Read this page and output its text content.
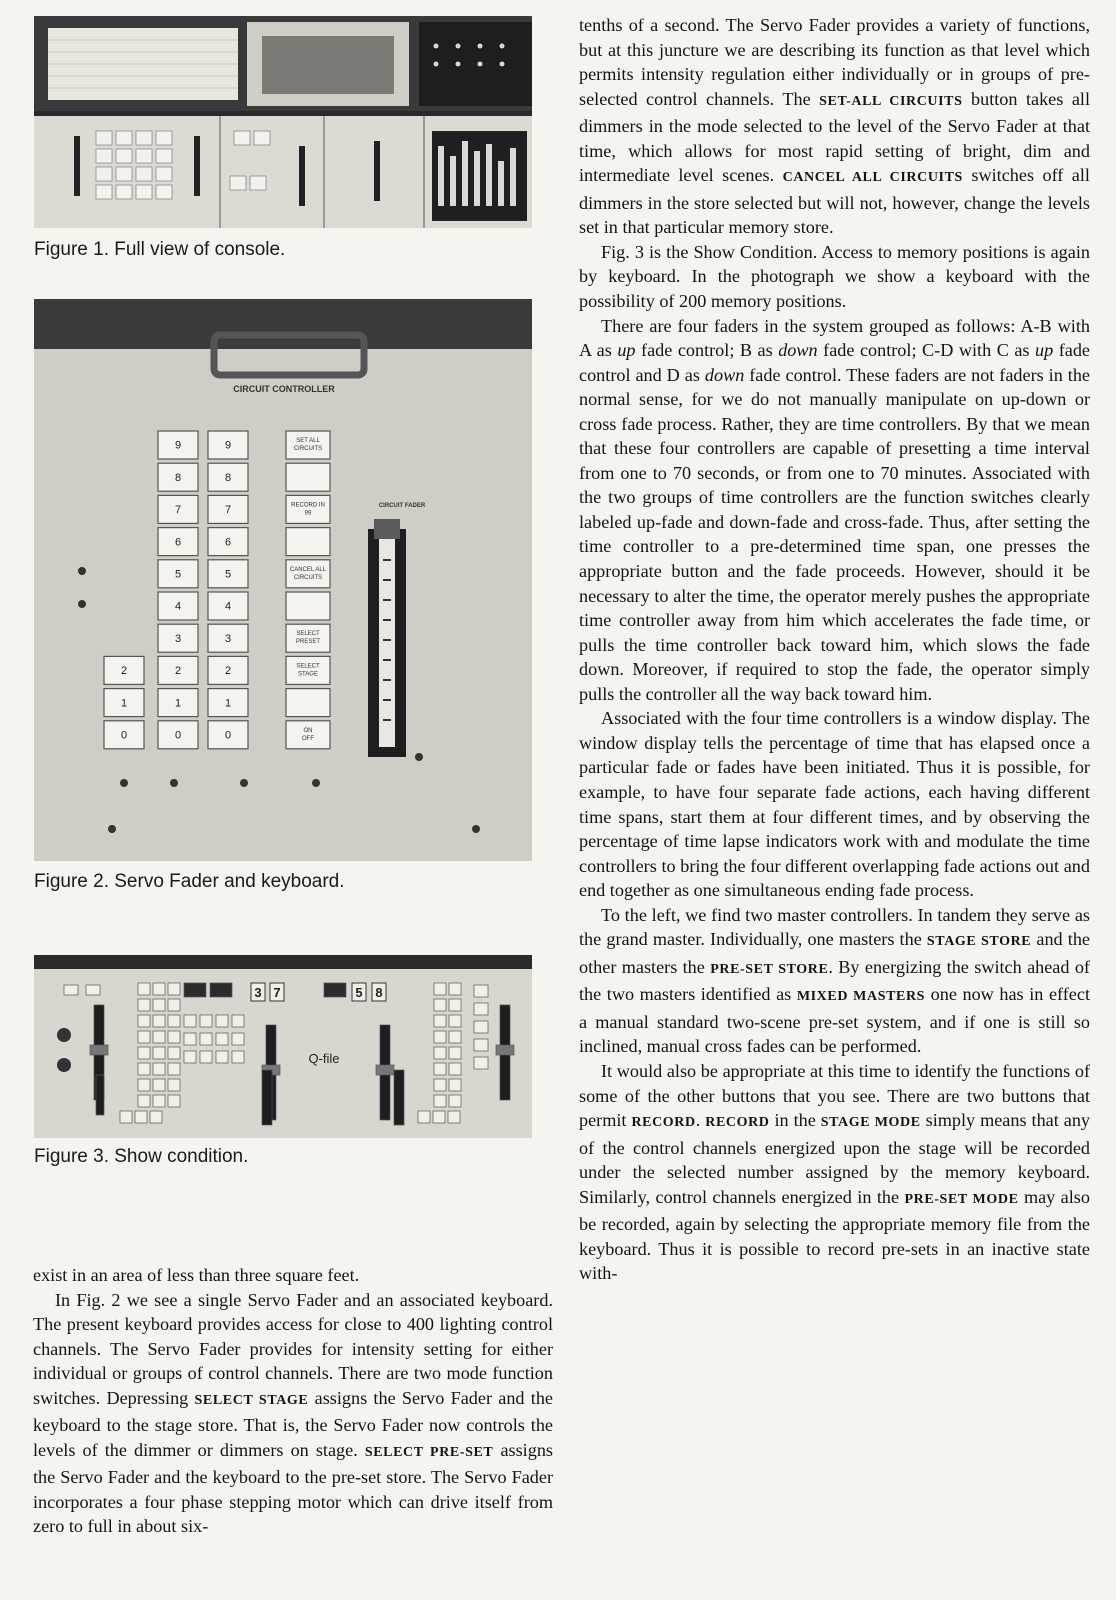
Figure 1. Full view of console.

CIRCUIT CONTROLLER
9
8
7
6
5
4
3
2
1
0
9
8
7
6
5
4
3
2
1
0
2
1
0
SET ALL
CIRCUITS
RECORD IN
99
CANCEL ALL
CIRCUITS
SELECT
PRESET
SELECT
STAGE
ON
OFF
CIRCUIT FADER

Figure 2. Servo Fader and keyboard.

Q-file
3 7	5 8

Figure 3. Show condition.

exist in an area of less than three square feet.

In Fig. 2 we see a single Servo Fader and an associated keyboard. The present keyboard provides access for close to 400 lighting control channels. The Servo Fader provides for intensity setting for either individual or groups of control channels. There are two mode function switches. Depressing SELECT STAGE assigns the Servo Fader and the keyboard to the stage store. That is, the Servo Fader now controls the levels of the dimmer or dimmers on stage. SELECT PRE-SET assigns the Servo Fader and the keyboard to the pre-set store. The Servo Fader incorporates a four phase stepping motor which can drive itself from zero to full in about six-

tenths of a second. The Servo Fader provides a variety of functions, but at this juncture we are describing its function as that level which permits intensity regulation either individually or in groups of pre-selected control channels. The SET-ALL CIRCUITS button takes all dimmers in the mode selected to the level of the Servo Fader at that time, which allows for most rapid setting of bright, dim and intermediate level scenes. CANCEL ALL CIRCUITS switches off all dimmers in the store selected but will not, however, change the levels set in that particular memory store.

Fig. 3 is the Show Condition. Access to memory positions is again by keyboard. In the photograph we show a keyboard with the possibility of 200 memory positions.

There are four faders in the system grouped as follows: A-B with A as up fade control; B as down fade control; C-D with C as up fade control and D as down fade control. These faders are not faders in the normal sense, for we do not manually manipulate on up-down or cross fade process. Rather, they are time controllers. By that we mean that these four controllers are capable of presetting a time interval from one to 70 seconds, or from one to 70 minutes. Associated with the two groups of time controllers are the function switches clearly labeled up-fade and down-fade and cross-fade. Thus, after setting the time controller to a pre-determined time span, one presses the appropriate button and the fade proceeds. However, should it be necessary to alter the time, the operator merely pushes the appropriate time controller away from him which accelerates the fade time, or pulls the time controller back toward him, which slows the fade down. Moreover, if required to stop the fade, the operator simply pulls the controller all the way back toward him.

Associated with the four time controllers is a window display. The window display tells the percentage of time that has elapsed once a particular fade or fades have been initiated. Thus it is possible, for example, to have four separate fade actions, each having different time spans, start them at four different times, and by observing the percentage of time lapse indicators work with and modulate the time controllers to bring the four different overlapping fade actions out and end together as one simultaneous ending fade process.

To the left, we find two master controllers. In tandem they serve as the grand master. Individually, one masters the STAGE STORE and the other masters the PRE-SET STORE. By energizing the switch ahead of the two masters identified as MIXED MASTERS one now has in effect a manual standard two-scene pre-set system, and if one is still so inclined, manual cross fades can be performed.

It would also be appropriate at this time to identify the functions of some of the other buttons that you see. There are two buttons that permit RECORD. RECORD in the STAGE MODE simply means that any of the control channels energized upon the stage will be recorded under the selected number assigned by the memory keyboard. Similarly, control channels energized in the PRE-SET MODE may also be recorded, again by selecting the appropriate memory file from the keyboard. Thus it is possible to record pre-sets in an inactive state with-
